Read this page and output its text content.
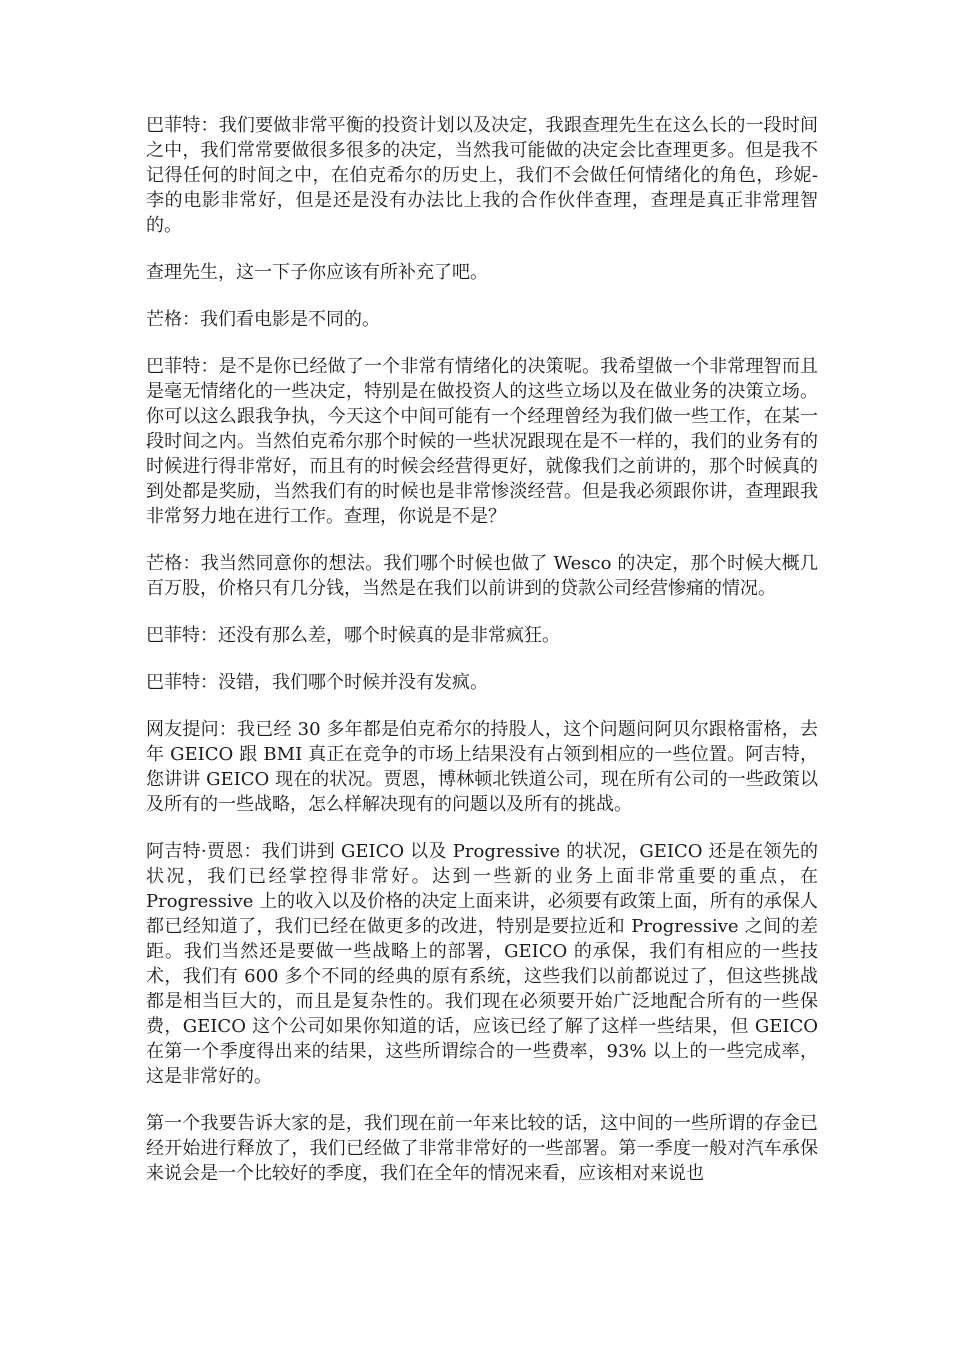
巴菲特：我们要做非常平衡的投资计划以及决定，我跟查理先生在这么长的一段时间之中，我们常常要做很多很多的决定，当然我可能做的决定会比查理更多。但是我不记得任何的时间之中，在伯克希尔的历史上，我们不会做任何情绪化的角色，珍妮-李的电影非常好，但是还是没有办法比上我的合作伙伴查理，查理是真正非常理智的。

查理先生，这一下子你应该有所补充了吧。

芒格：我们看电影是不同的。

巴菲特：是不是你已经做了一个非常有情绪化的决策呢。我希望做一个非常理智而且是毫无情绪化的一些决定，特别是在做投资人的这些立场以及在做业务的决策立场。你可以这么跟我争执，今天这个中间可能有一个经理曾经为我们做一些工作，在某一段时间之内。当然伯克希尔那个时候的一些状况跟现在是不一样的，我们的业务有的时候进行得非常好，而且有的时候会经营得更好，就像我们之前讲的，那个时候真的到处都是奖励，当然我们有的时候也是非常惨淡经营。但是我必须跟你讲，查理跟我非常努力地在进行工作。查理，你说是不是？

芒格：我当然同意你的想法。我们哪个时候也做了 Wesco 的决定，那个时候大概几百万股，价格只有几分钱，当然是在我们以前讲到的贷款公司经营惨痛的情况。

巴菲特：还没有那么差，哪个时候真的是非常疯狂。

巴菲特：没错，我们哪个时候并没有发疯。

网友提问：我已经 30 多年都是伯克希尔的持股人，这个问题问阿贝尔跟格雷格，去年 GEICO 跟 BMI 真正在竞争的市场上结果没有占领到相应的一些位置。阿吉特，您讲讲 GEICO 现在的状况。贾恩，博林顿北铁道公司，现在所有公司的一些政策以及所有的一些战略，怎么样解决现有的问题以及所有的挑战。

阿吉特·贾恩：我们讲到 GEICO 以及 Progressive 的状况，GEICO 还是在领先的状况，我们已经掌控得非常好。达到一些新的业务上面非常重要的重点，在 Progressive 上的收入以及价格的决定上面来讲，必须要有政策上面，所有的承保人都已经知道了，我们已经在做更多的改进，特别是要拉近和 Progressive 之间的差距。我们当然还是要做一些战略上的部署，GEICO 的承保，我们有相应的一些技术，我们有 600 多个不同的经典的原有系统，这些我们以前都说过了，但这些挑战都是相当巨大的，而且是复杂性的。我们现在必须要开始广泛地配合所有的一些保费，GEICO 这个公司如果你知道的话，应该已经了解了这样一些结果，但 GEICO 在第一个季度得出来的结果，这些所谓综合的一些费率，93% 以上的一些完成率，这是非常好的。

第一个我要告诉大家的是，我们现在前一年来比较的话，这中间的一些所谓的存金已经开始进行释放了，我们已经做了非常非常好的一些部署。第一季度一般对汽车承保来说会是一个比较好的季度，我们在全年的情况来看，应该相对来说也
